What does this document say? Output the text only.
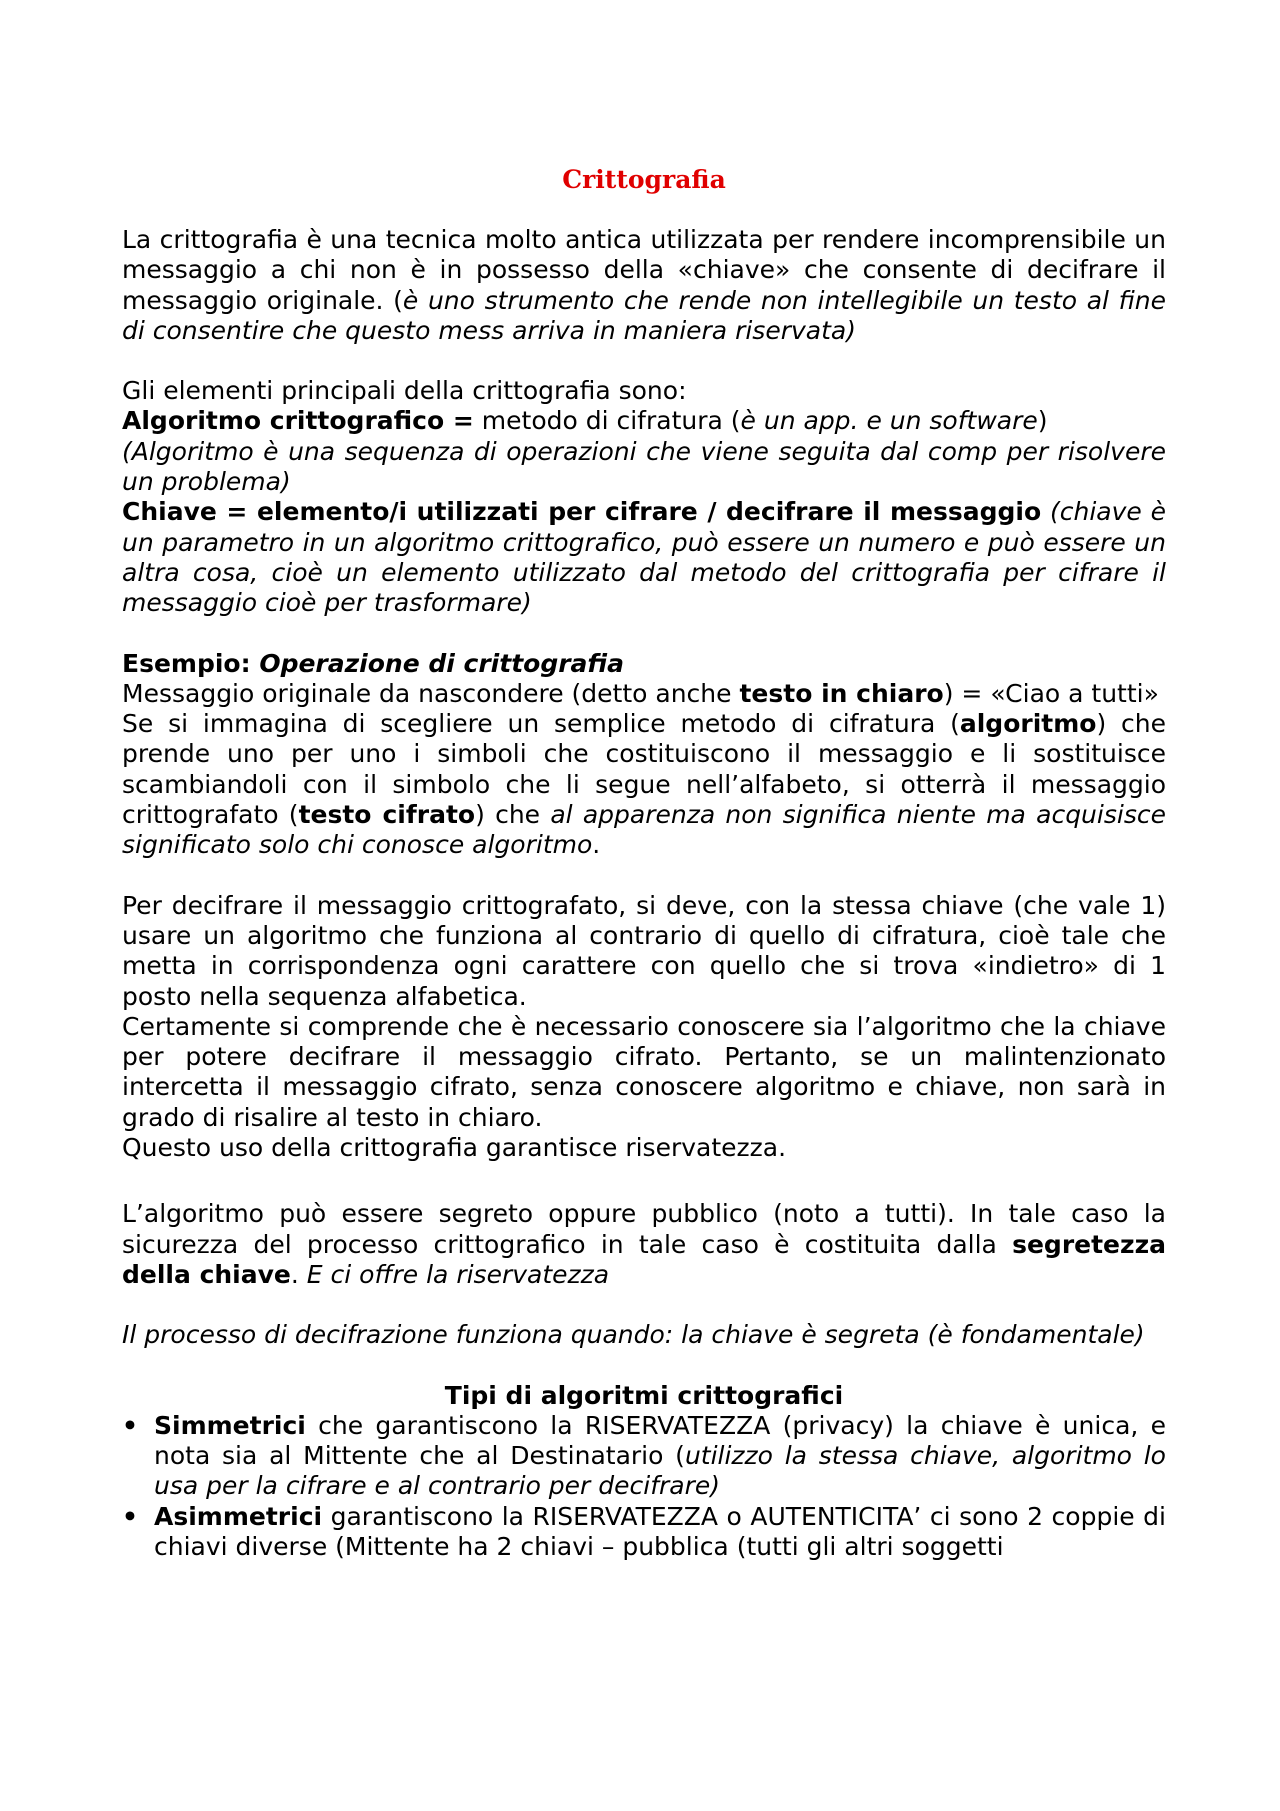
Crittografia

La crittografia è una tecnica molto antica utilizzata per rendere incomprensibile un messaggio a chi non è in possesso della «chiave» che consente di decifrare il messaggio originale. (è uno strumento che rende non intellegibile un testo al fine di consentire che questo mess arriva in maniera riservata)

Gli elementi principali della crittografia sono:

Algoritmo crittografico = metodo di cifratura (è un app. e un software)

(Algoritmo è una sequenza di operazioni che viene seguita dal comp per risolvere un problema)

Chiave = elemento/i utilizzati per cifrare / decifrare il messaggio (chiave è un parametro in un algoritmo crittografico, può essere un numero e può essere un altra cosa, cioè un elemento utilizzato dal metodo del crittografia per cifrare il messaggio cioè per trasformare)

Esempio: Operazione di crittografia

Messaggio originale da nascondere (detto anche testo in chiaro) = «Ciao a tutti»

Se si immagina di scegliere un semplice metodo di cifratura (algoritmo) che prende uno per uno i simboli che costituiscono il messaggio e li sostituisce scambiandoli con il simbolo che li segue nell’alfabeto, si otterrà il messaggio crittografato (testo cifrato) che al apparenza non significa niente ma acquisisce significato solo chi conosce algoritmo.

Per decifrare il messaggio crittografato, si deve, con la stessa chiave (che vale 1) usare un algoritmo che funziona al contrario di quello di cifratura, cioè tale che metta in corrispondenza ogni carattere con quello che si trova «indietro» di 1 posto nella sequenza alfabetica.

Certamente si comprende che è necessario conoscere sia l’algoritmo che la chiave per potere decifrare il messaggio cifrato. Pertanto, se un malintenzionato intercetta il messaggio cifrato, senza conoscere algoritmo e chiave, non sarà in grado di risalire al testo in chiaro.

Questo uso della crittografia garantisce riservatezza.

L’algoritmo può essere segreto oppure pubblico (noto a tutti). In tale caso la sicurezza del processo crittografico in tale caso è costituita dalla segretezza della chiave. E ci offre la riservatezza

Il processo di decifrazione funziona quando: la chiave è segreta (è fondamentale)

Tipi di algoritmi crittografici

• Simmetrici che garantiscono la RISERVATEZZA (privacy) la chiave è unica, e nota sia al Mittente che al Destinatario (utilizzo la stessa chiave, algoritmo lo usa per la cifrare e al contrario per decifrare)
• Asimmetrici garantiscono la RISERVATEZZA o AUTENTICITA’ ci sono 2 coppie di chiavi diverse (Mittente ha 2 chiavi – pubblica (tutti gli altri soggetti
